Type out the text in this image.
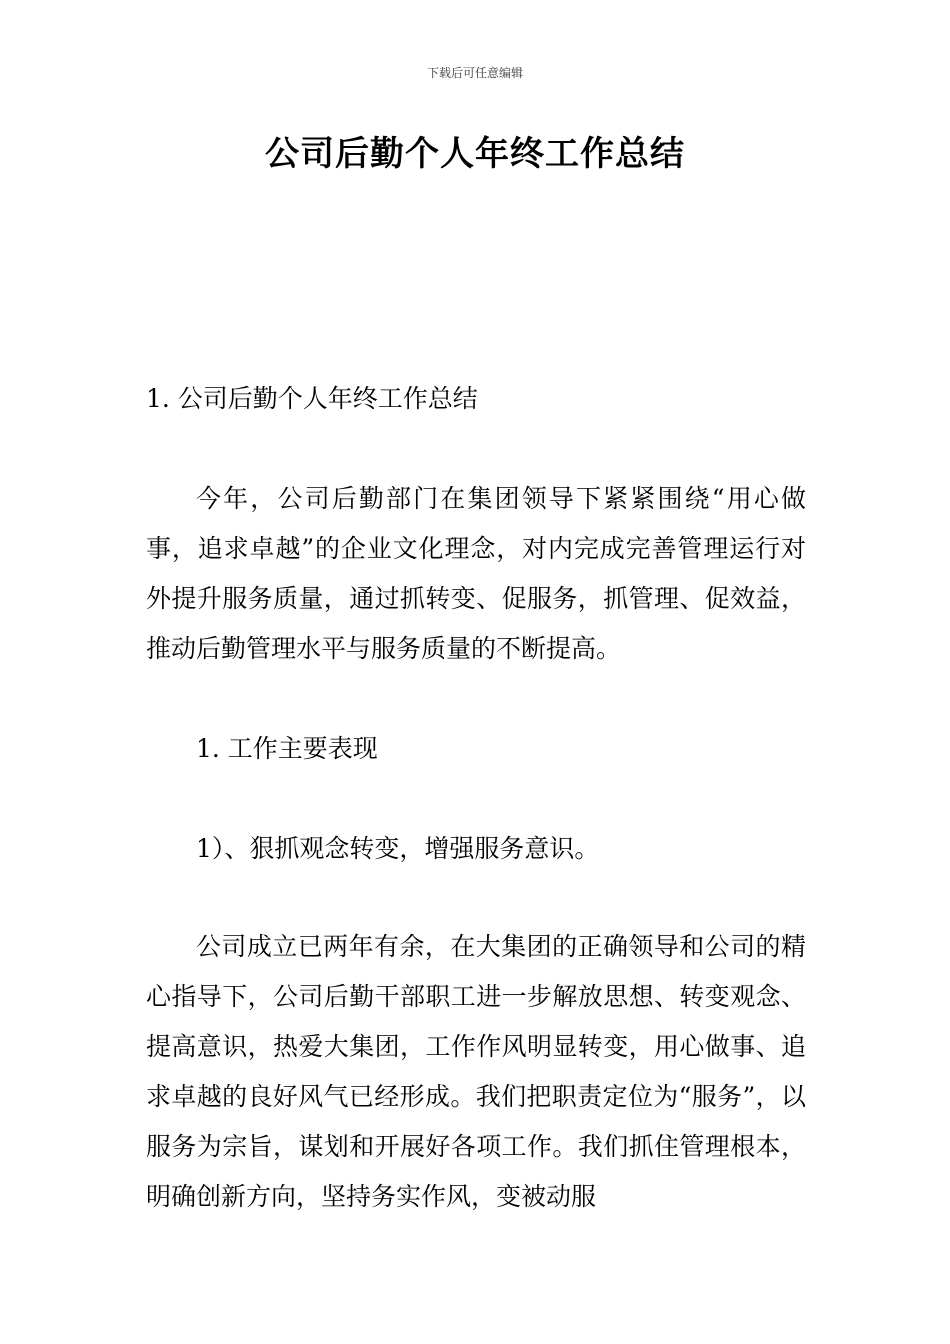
下载后可任意编辑
公司后勤个人年终工作总结

1. 公司后勤个人年终工作总结

今年，公司后勤部门在集团领导下紧紧围绕“用心做事，追求卓越”的企业文化理念，对内完成完善管理运行对外提升服务质量，通过抓转变、促服务，抓管理、促效益，推动后勤管理水平与服务质量的不断提高。

1. 工作主要表现

1）、狠抓观念转变，增强服务意识。

公司成立已两年有余，在大集团的正确领导和公司的精心指导下，公司后勤干部职工进一步解放思想、转变观念、提高意识，热爱大集团，工作作风明显转变，用心做事、追求卓越的良好风气已经形成。我们把职责定位为“服务”，以服务为宗旨，谋划和开展好各项工作。我们抓住管理根本，明确创新方向，坚持务实作风，变被动服
